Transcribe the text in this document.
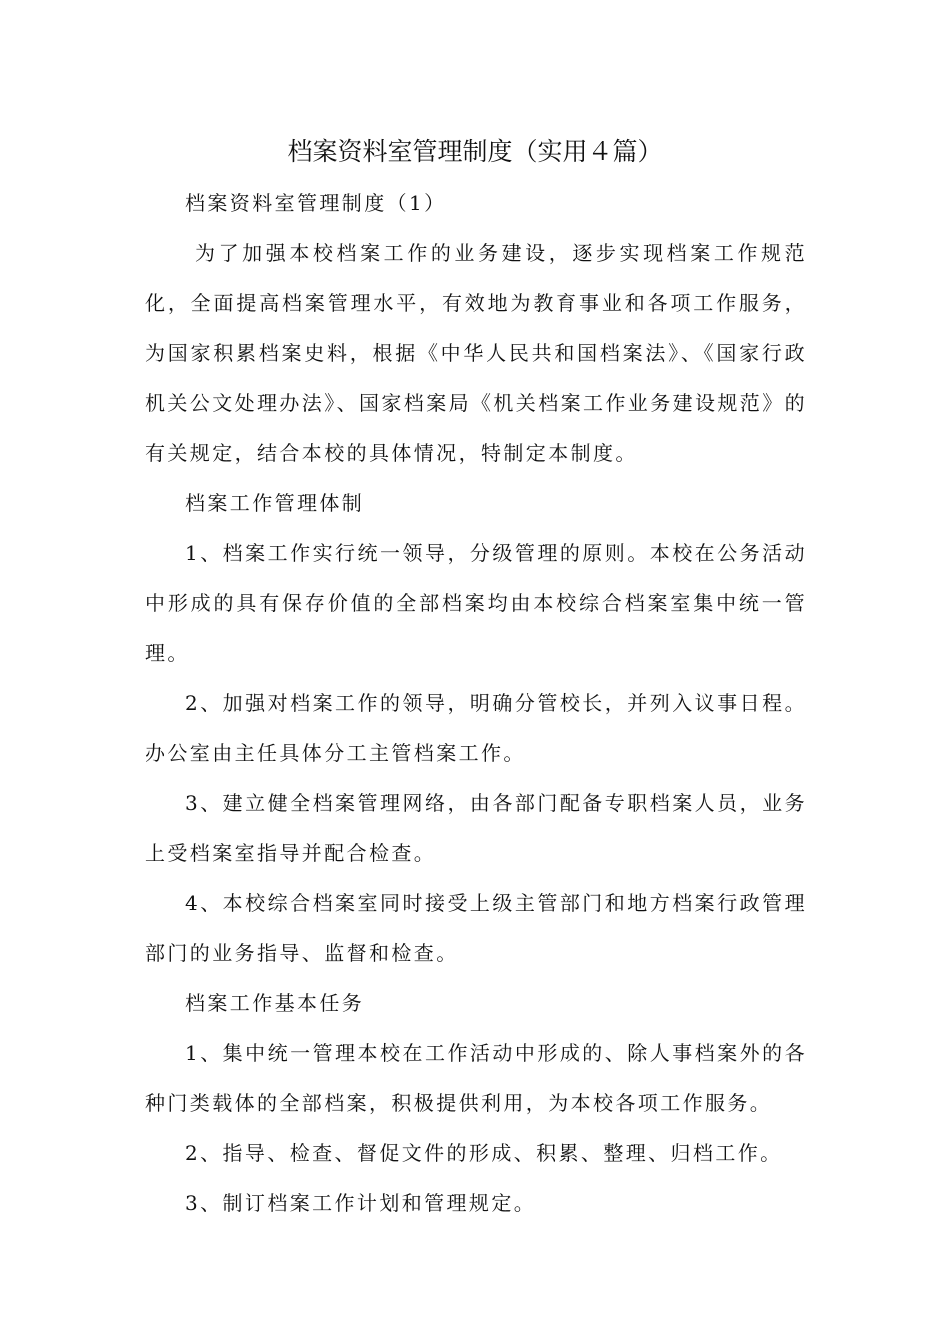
档案资料室管理制度（实用４篇）

档案资料室管理制度（1）

为了加强本校档案工作的业务建设，逐步实现档案工作规范化，全面提高档案管理水平，有效地为教育事业和各项工作服务，为国家积累档案史料，根据《中华人民共和国档案法》、《国家行政机关公文处理办法》、国家档案局《机关档案工作业务建设规范》的有关规定，结合本校的具体情况，特制定本制度。

档案工作管理体制

1、档案工作实行统一领导，分级管理的原则。本校在公务活动中形成的具有保存价值的全部档案均由本校综合档案室集中统一管理。

2、加强对档案工作的领导，明确分管校长，并列入议事日程。办公室由主任具体分工主管档案工作。

3、建立健全档案管理网络，由各部门配备专职档案人员，业务上受档案室指导并配合检查。

4、本校综合档案室同时接受上级主管部门和地方档案行政管理部门的业务指导、监督和检查。

档案工作基本任务

1、集中统一管理本校在工作活动中形成的、除人事档案外的各种门类载体的全部档案，积极提供利用，为本校各项工作服务。

2、指导、检查、督促文件的形成、积累、整理、归档工作。

3、制订档案工作计划和管理规定。
